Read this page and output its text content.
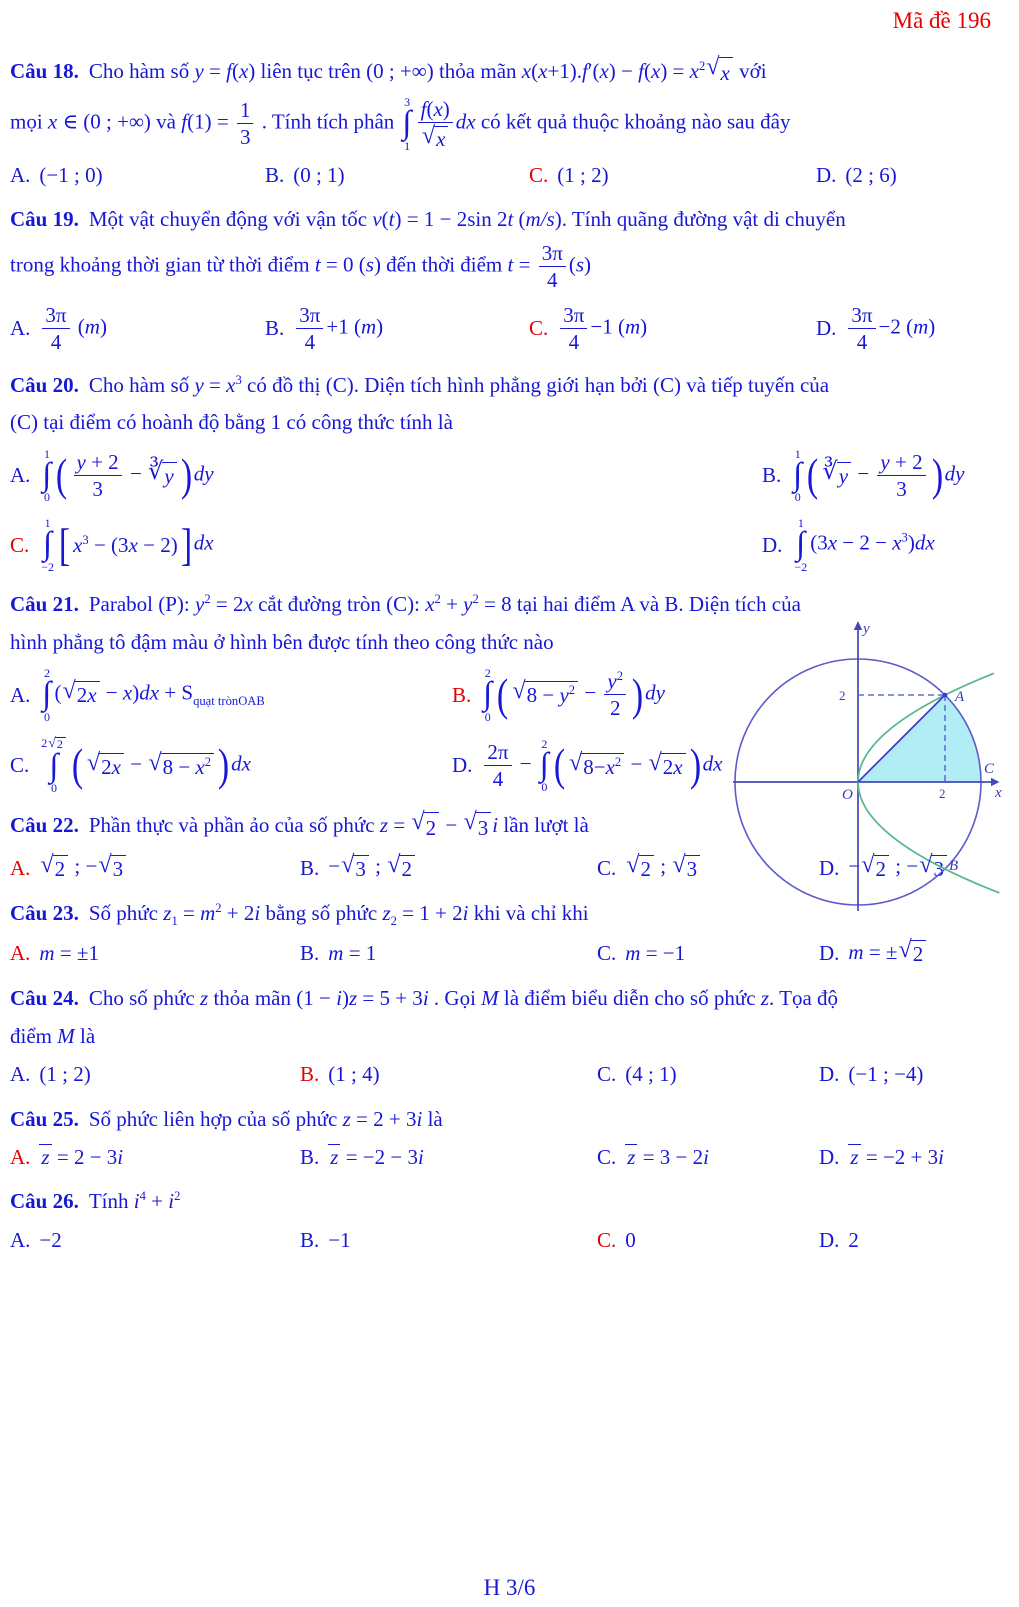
Mã đề 196
Câu 18. Cho hàm số y = f(x) liên tục trên (0 ; +∞) thỏa mãn $x(x+1).f'(x) - f(x) = x^2$ √ x với
mọi x ∈ (0 ; +∞) và $f(1) = \frac{1}{3}$ . Tính tích phân
3
∫
$1 \frac{f(x)}{√ x}$ dx có kết quả thuộc khoảng nào sau đây
A. (−1 ; 0)	B. (0 ; 1)	C. (1 ; 2)	D. (2 ; 6)
Câu 19. Một vật chuyển động với vận tốc v(t) = 1 − 2sin 2t (m/s). Tính quãng đường vật di chuyển
trong khoảng thời gian từ thời điểm t = 0 (s) đến thời điểm $t = \frac{3\pi}{4} (s)$
A. $\frac{3\pi}{4} (m)$	B. $\frac{3\pi}{4} +1$ (m)	C. $\frac{3\pi}{4} -1$ (m)	D. $\frac{3\pi}{4} -2$ (m)
Câu 20. Cho hàm số $y = x^3$ có đồ thị (C). Diện tích hình phẳng giới hạn bởi (C) và tiếp tuyến của
(C) tại điểm có hoành độ bằng 1 có công thức tính là
A.
1
∫
0 ( $\frac{y + 2}{3}$ − ∛ y ) dy	B.
1
∫
0 ( ∛ $y - \frac{y + 2}{3}$ ) dy
C.
1
∫
−2 [ $x^3 - (3x - 2)$ ] dx	D.
1
∫
−2
$(3x - 2 - x^3)dx$
Câu 21. Parabol (P): $y^2 = 2x$ cắt đường tròn (C): $x^2 + y^2 = 8$ tại hai điểm A và B. Diện tích của
hình phẳng tô đậm màu ở hình bên được tính theo công thức nào
A.
2
∫
0
( √ $2x - x)dx + S_{quạt trònOAB}$	B.
2
∫
0 ( √ $8 - y^2 - \frac{y^2}{2}$ ) dy
C.
2 √ 2
∫
0 ( √ 2x − √ $8 - x^2$ ) dx	D. $\frac{2\pi}{4}$ −
2
∫
0 ( √ $8-x^2$ − √ 2x ) dx
y
x
O
2
2
A
B
C
Câu 22. Phần thực và phần ảo của số phức z = √ 2 − √ 3 i lần lượt là
A. √ 2 ; − √ 3	B. − √ 3 ; √ 2	C. √ 2 ; √ 3	D. − √ 2 ; − √ 3
Câu 23. Số phức $z_1 = m^2 + 2i$ bằng số phức $z_2 = 1 + 2i$ khi và chỉ khi
A. m = ±1	B. m = 1	C. m = −1	D. m = ± √ 2
Câu 24. Cho số phức z thỏa mãn (1 − i)z = 5 + 3i . Gọi M là điểm biểu diễn cho số phức z. Tọa độ
điểm M là
A. (1 ; 2)	B. (1 ; 4)	C. (4 ; 1)	D. (−1 ; −4)
Câu 25. Số phức liên hợp của số phức z = 2 + 3i là
A. z = 2 − 3i	B. z = −2 − 3i	C. z = 3 − 2i	D. z = −2 + 3i
Câu 26. Tính $i^4 + i^2$
A. −2	B. −1	C. 0	D. 2
H 3/6
